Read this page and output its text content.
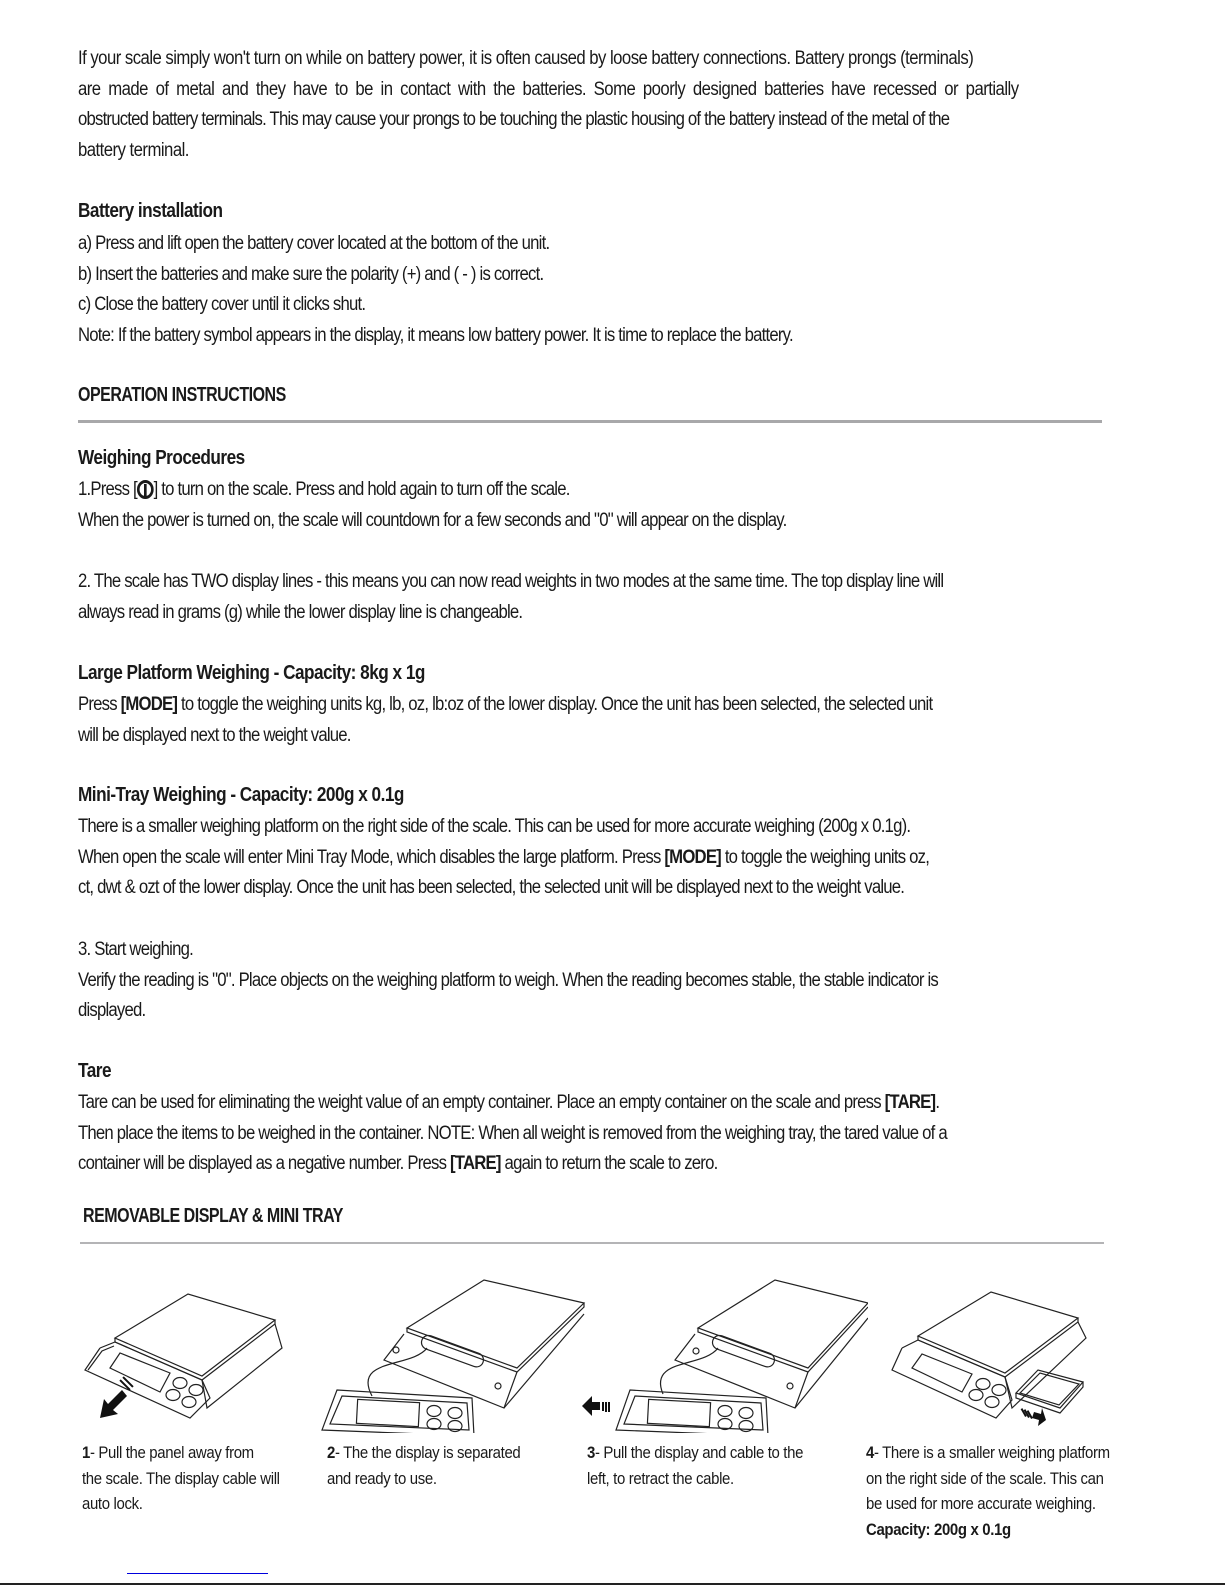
If your scale simply won't turn on while on battery power, it is often caused by loose battery connections. Battery prongs (terminals)
are made of metal and they have to be in contact with the batteries. Some poorly designed batteries have recessed or partially
obstructed battery terminals. This may cause your prongs to be touching the plastic housing of the battery instead of the metal of the
battery terminal.
Battery installation
a) Press and lift open the battery cover located at the bottom of the unit.
b) Insert the batteries and make sure the polarity (+) and ( - ) is correct.
c) Close the battery cover until it clicks shut.
Note: If the battery symbol appears in the display, it means low battery power. It is time to replace the battery.
OPERATION INSTRUCTIONS
Weighing Procedures
1.Press [ ] to turn on the scale. Press and hold again to turn off the scale.
When the power is turned on, the scale will countdown for a few seconds and "0" will appear on the display.
2. The scale has TWO display lines - this means you can now read weights in two modes at the same time. The top display line will
always read in grams (g) while the lower display line is changeable.
Large Platform Weighing - Capacity: 8kg x 1g
Press [MODE] to toggle the weighing units kg, lb, oz, lb:oz of the lower display. Once the unit has been selected, the selected unit
will be displayed next to the weight value.
Mini-Tray Weighing - Capacity: 200g x 0.1g
There is a smaller weighing platform on the right side of the scale. This can be used for more accurate weighing (200g x 0.1g).
When open the scale will enter Mini Tray Mode, which disables the large platform. Press [MODE] to toggle the weighing units oz,
ct, dwt & ozt of the lower display. Once the unit has been selected, the selected unit will be displayed next to the weight value.
3. Start weighing.
Verify the reading is "0". Place objects on the weighing platform to weigh. When the reading becomes stable, the stable indicator is
displayed.
Tare
Tare can be used for eliminating the weight value of an empty container. Place an empty container on the scale and press [TARE].
Then place the items to be weighed in the container. NOTE: When all weight is removed from the weighing tray, the tared value of a
container will be displayed as a negative number. Press [TARE] again to return the scale to zero.
REMOVABLE DISPLAY & MINI TRAY
1- Pull the panel away from
the scale. The display cable will
auto lock.
2- The the display is separated
and ready to use.
3- Pull the display and cable to the
left, to retract the cable.
4- There is a smaller weighing platform
on the right side of the scale. This can
be used for more accurate weighing.
Capacity: 200g x 0.1g
